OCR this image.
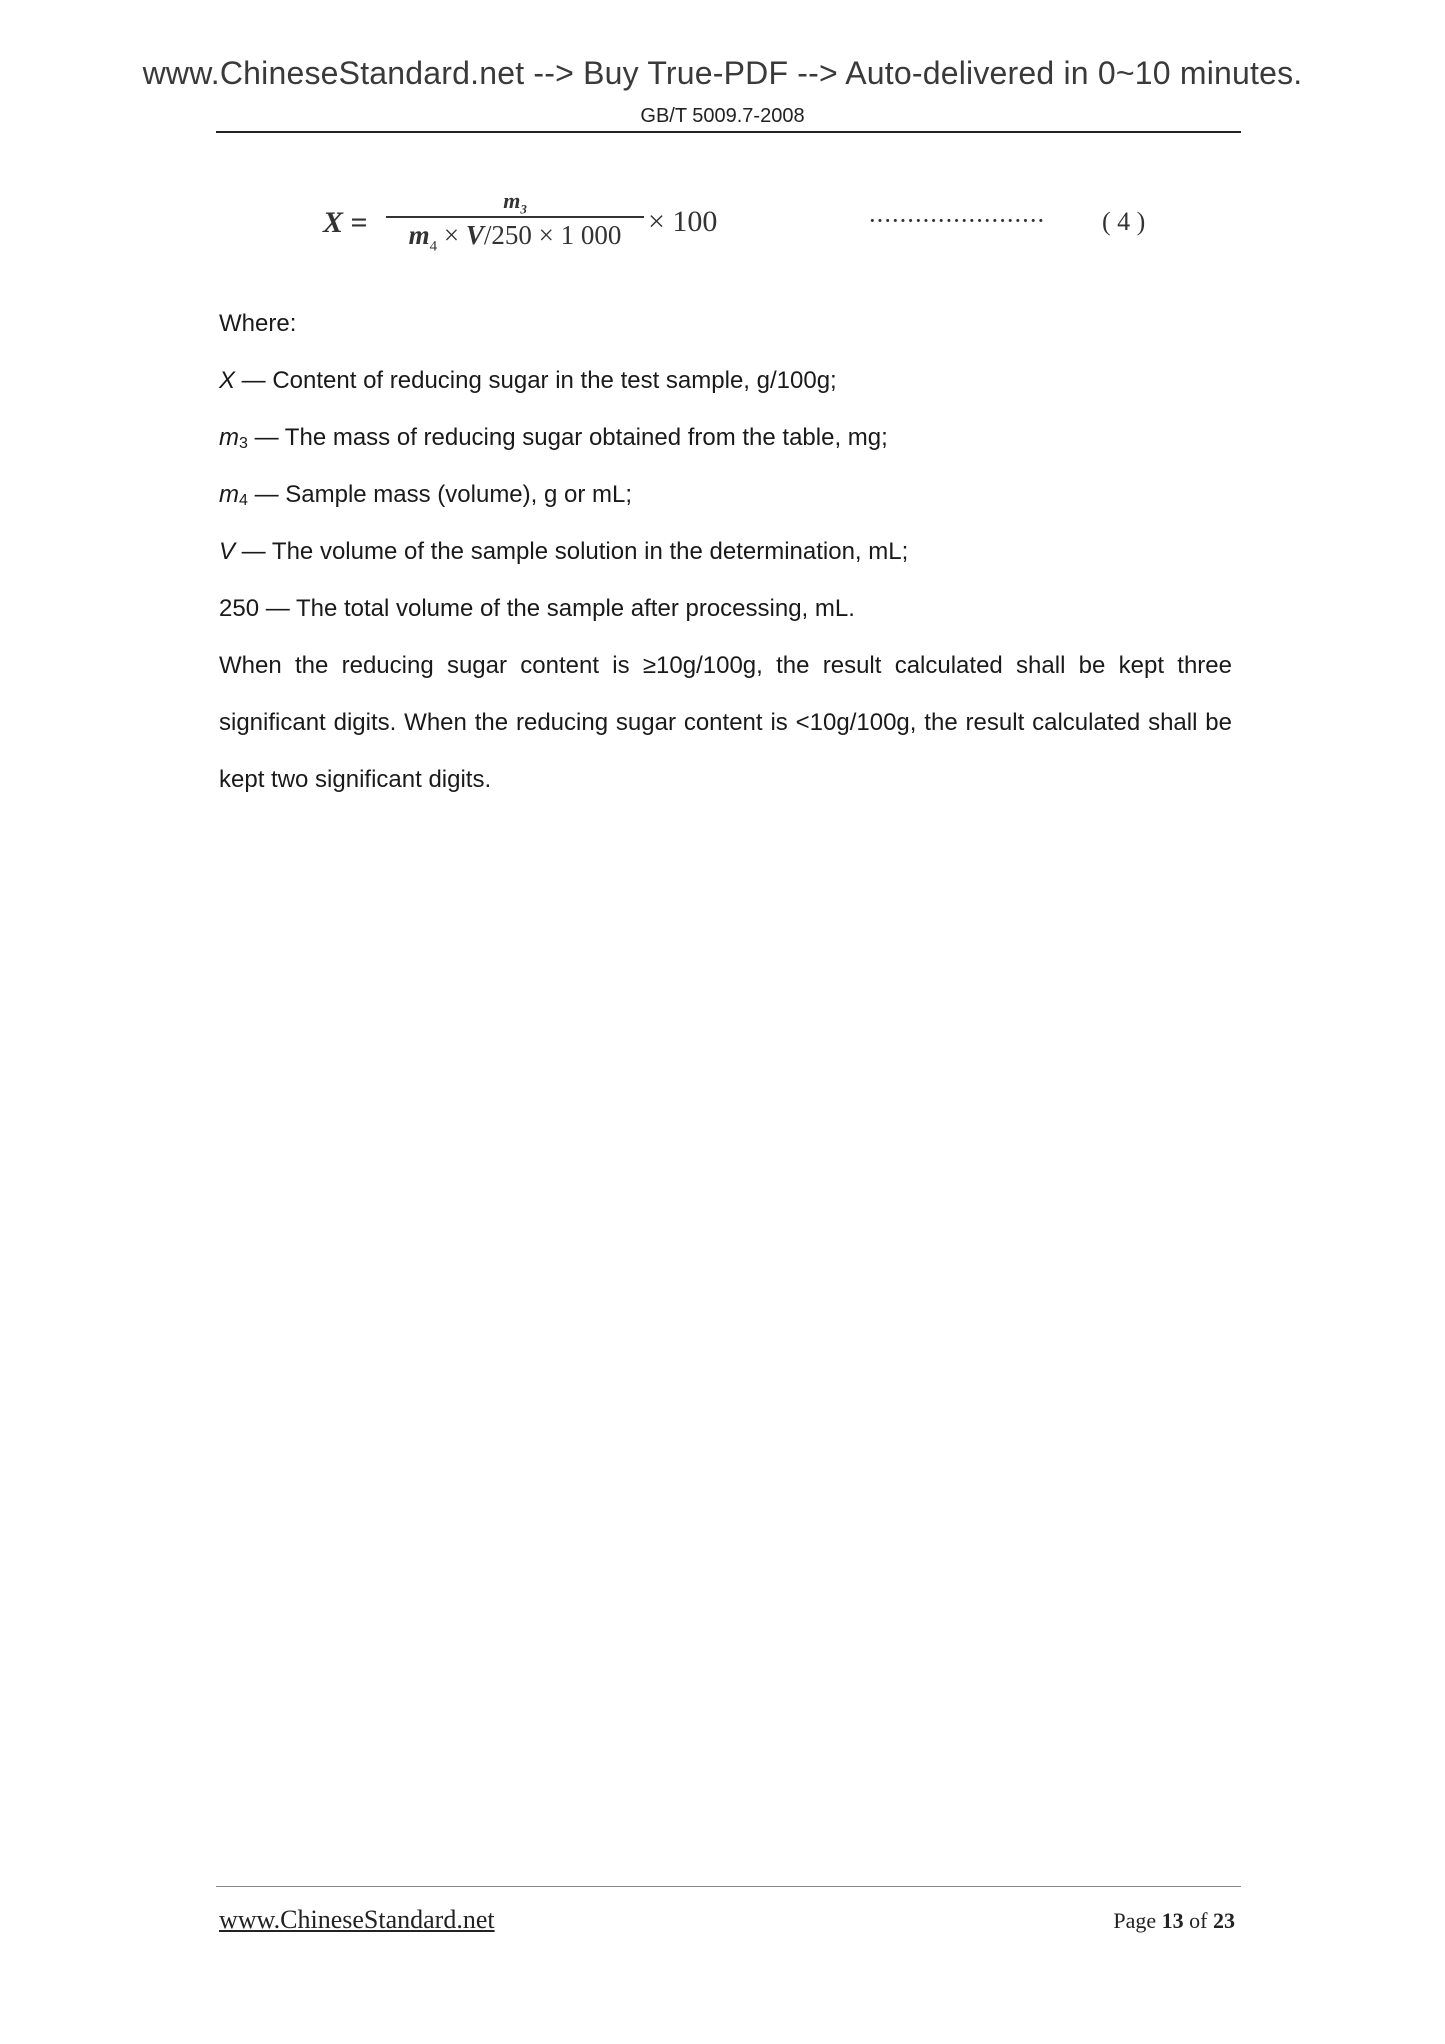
www.ChineseStandard.net --> Buy True-PDF --> Auto-delivered in 0~10 minutes.
GB/T 5009.7-2008
X =
$m_3$
$m_4 \times V/250 \times 1$ 000 × 100	······················· ( 4 )

Where:

X — Content of reducing sugar in the test sample, g/100g;

$m_3$ — The mass of reducing sugar obtained from the table, mg;

$m_4$ — Sample mass (volume), g or mL;

V — The volume of the sample solution in the determination, mL;

250 — The total volume of the sample after processing, mL.

When the reducing sugar content is ≥10g/100g, the result calculated shall be kept three significant digits. When the reducing sugar content is <10g/100g, the result calculated shall be kept two significant digits.

www.ChineseStandard.net	Page 13 of 23
